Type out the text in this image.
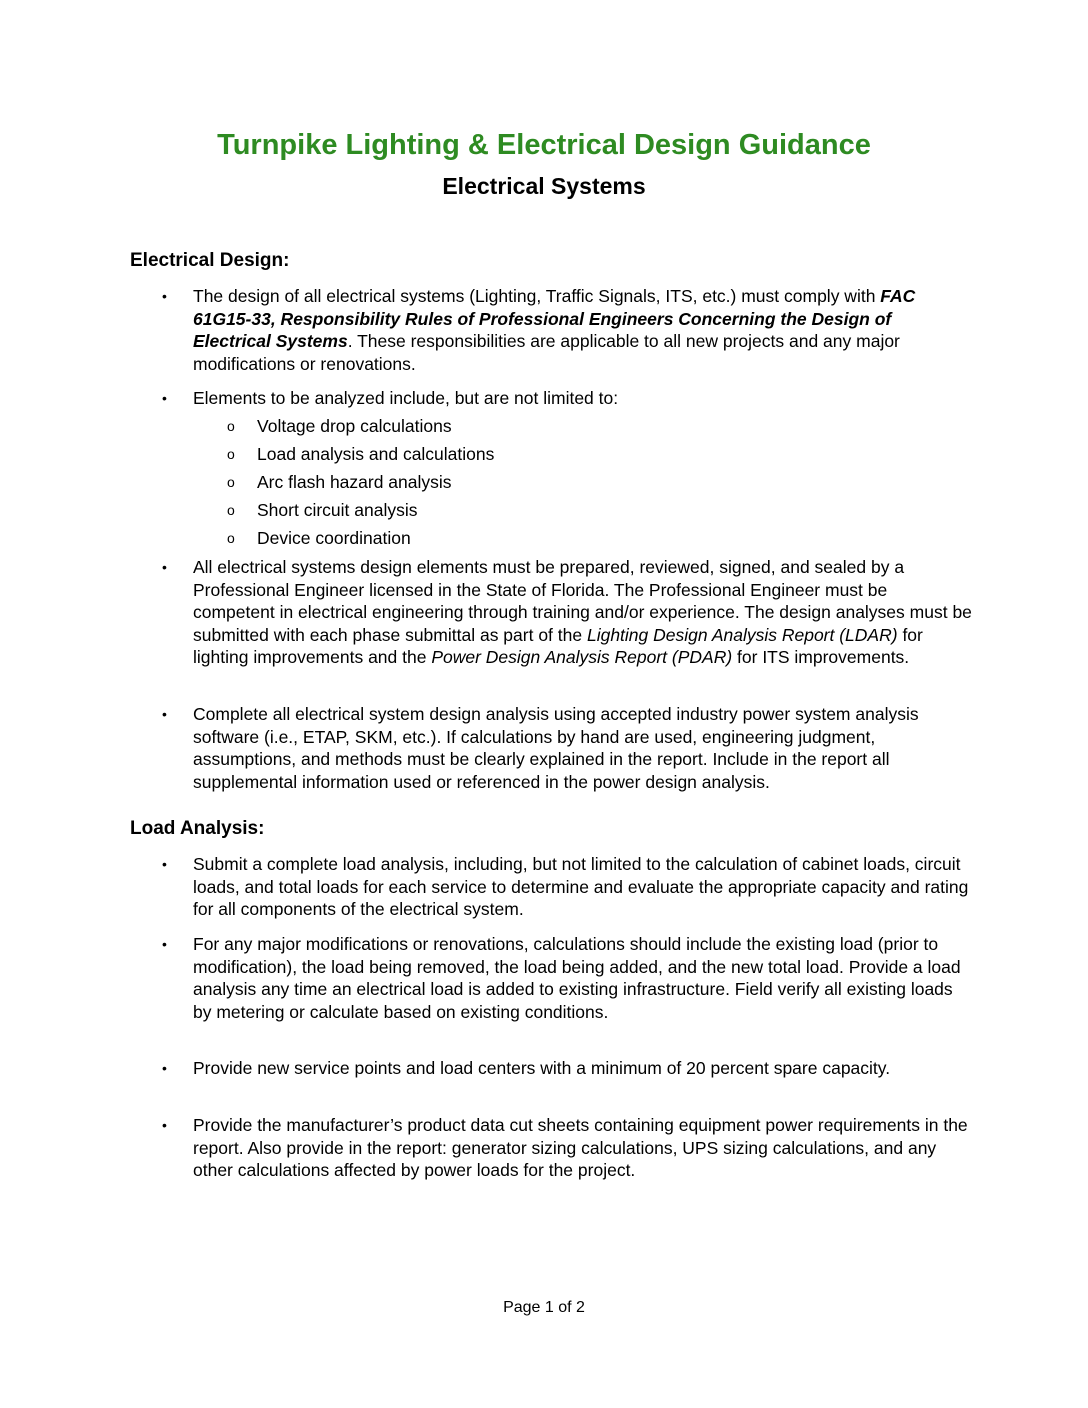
Turnpike Lighting & Electrical Design Guidance
Electrical Systems
Electrical Design:
• The design of all electrical systems (Lighting, Traffic Signals, ITS, etc.) must comply with FAC 61G15-33, Responsibility Rules of Professional Engineers Concerning the Design of Electrical Systems. These responsibilities are applicable to all new projects and any major modifications or renovations.
• Elements to be analyzed include, but are not limited to:
o Voltage drop calculations
o Load analysis and calculations
o Arc flash hazard analysis
o Short circuit analysis
o Device coordination
• All electrical systems design elements must be prepared, reviewed, signed, and sealed by a Professional Engineer licensed in the State of Florida. The Professional Engineer must be competent in electrical engineering through training and/or experience. The design analyses must be submitted with each phase submittal as part of the Lighting Design Analysis Report (LDAR) for lighting improvements and the Power Design Analysis Report (PDAR) for ITS improvements.
• Complete all electrical system design analysis using accepted industry power system analysis software (i.e., ETAP, SKM, etc.). If calculations by hand are used, engineering judgment, assumptions, and methods must be clearly explained in the report. Include in the report all supplemental information used or referenced in the power design analysis.
Load Analysis:
• Submit a complete load analysis, including, but not limited to the calculation of cabinet loads, circuit loads, and total loads for each service to determine and evaluate the appropriate capacity and rating for all components of the electrical system.
• For any major modifications or renovations, calculations should include the existing load (prior to modification), the load being removed, the load being added, and the new total load. Provide a load analysis any time an electrical load is added to existing infrastructure. Field verify all existing loads by metering or calculate based on existing conditions.
• Provide new service points and load centers with a minimum of 20 percent spare capacity.
• Provide the manufacturer’s product data cut sheets containing equipment power requirements in the report. Also provide in the report: generator sizing calculations, UPS sizing calculations, and any other calculations affected by power loads for the project.
Page 1 of 2
